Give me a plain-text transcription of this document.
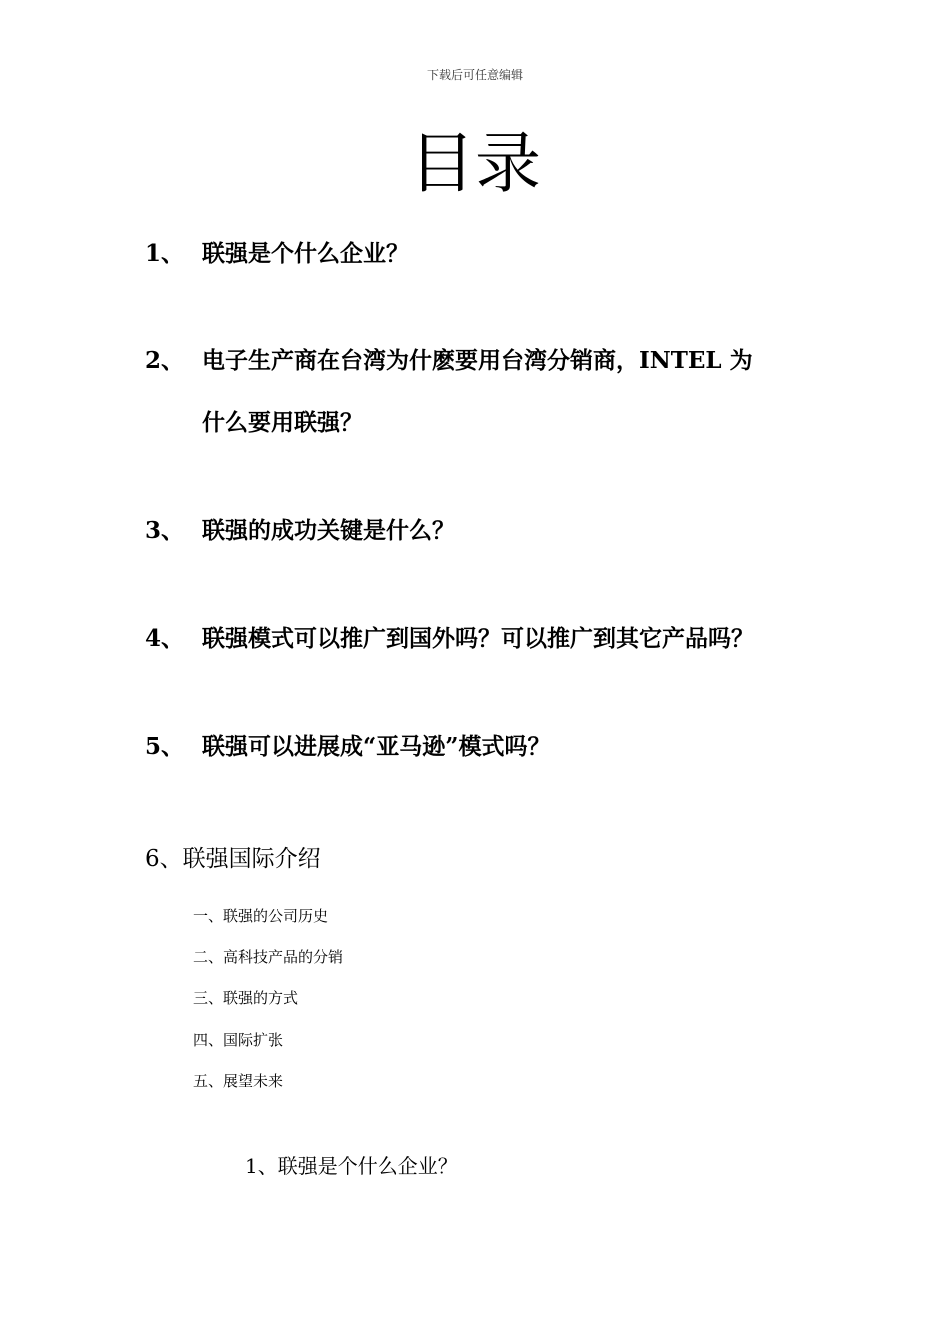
下载后可任意编辑
目录
1、 联强是个什么企业？
2、 电子生产商在台湾为什麽要用台湾分销商，INTEL 为
什么要用联强？
3、 联强的成功关键是什么？
4、 联强模式可以推广到国外吗？可以推广到其它产品吗？
5、 联强可以进展成“亚马逊”模式吗？
6、联强国际介绍
一、联强的公司历史
二、高科技产品的分销
三、联强的方式
四、国际扩张
五、展望未来
1、联强是个什么企业？
